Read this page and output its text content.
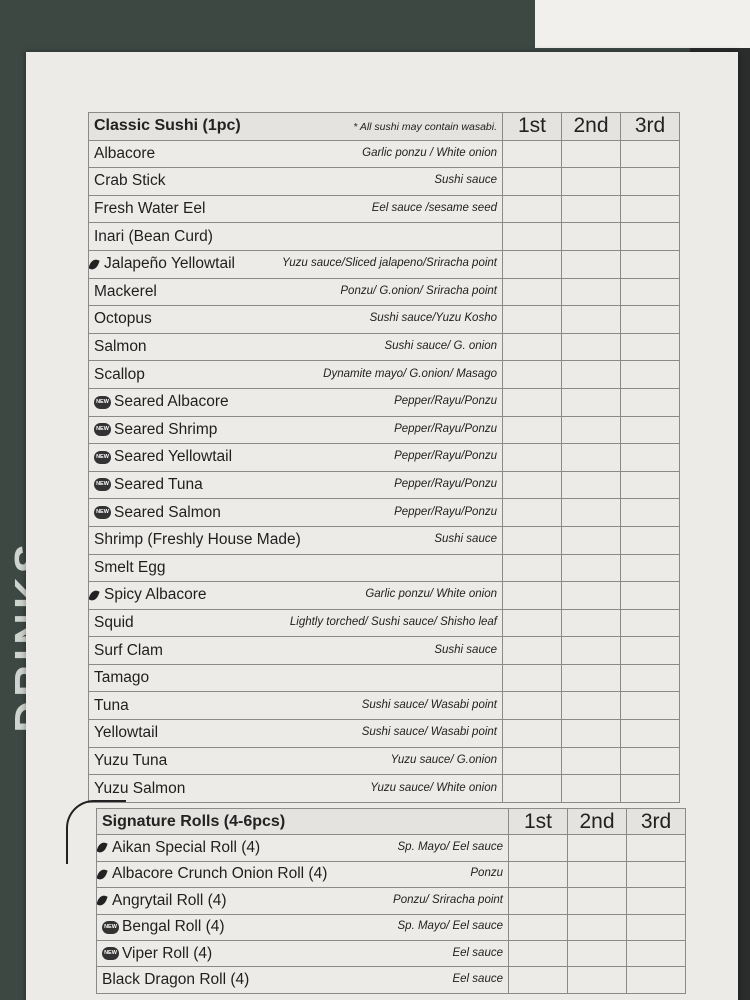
Classic Sushi (1pc) * All sushi may contain wasabi.	1st	2nd	3rd
Albacore Garlic ponzu / White onion			

Crab Stick Sushi sauce			

Fresh Water Eel Eel sauce /sesame seed			

Inari (Bean Curd)

Jalapeño Yellowtail Yuzu sauce/Sliced jalapeno/Sriracha point			

Mackerel Ponzu/ G.onion/ Sriracha point			

Octopus Sushi sauce/Yuzu Kosho			

Salmon Sushi sauce/ G. onion			

Scallop Dynamite mayo/ G.onion/ Masago			

NEW Seared Albacore Pepper/Rayu/Ponzu			

NEW Seared Shrimp Pepper/Rayu/Ponzu			

NEW Seared Yellowtail Pepper/Rayu/Ponzu			

NEW Seared Tuna Pepper/Rayu/Ponzu			

NEW Seared Salmon Pepper/Rayu/Ponzu			

Shrimp (Freshly House Made) Sushi sauce			

Smelt Egg

Spicy Albacore Garlic ponzu/ White onion			

Squid Lightly torched/ Sushi sauce/ Shisho leaf			

Surf Clam Sushi sauce			

Tamago

Tuna Sushi sauce/ Wasabi point			

Yellowtail Sushi sauce/ Wasabi point			

Yuzu Tuna Yuzu sauce/ G.onion			

Yuzu Salmon Yuzu sauce/ White onion			

Signature Rolls (4-6pcs)	1st	2nd	3rd
Aikan Special Roll (4) Sp. Mayo/ Eel sauce			

Albacore Crunch Onion Roll (4) Ponzu			

Angrytail Roll (4) Ponzu/ Sriracha point			

NEW Bengal Roll (4) Sp. Mayo/ Eel sauce			

NEW Viper Roll (4) Eel sauce			

Black Dragon Roll (4) Eel sauce			
